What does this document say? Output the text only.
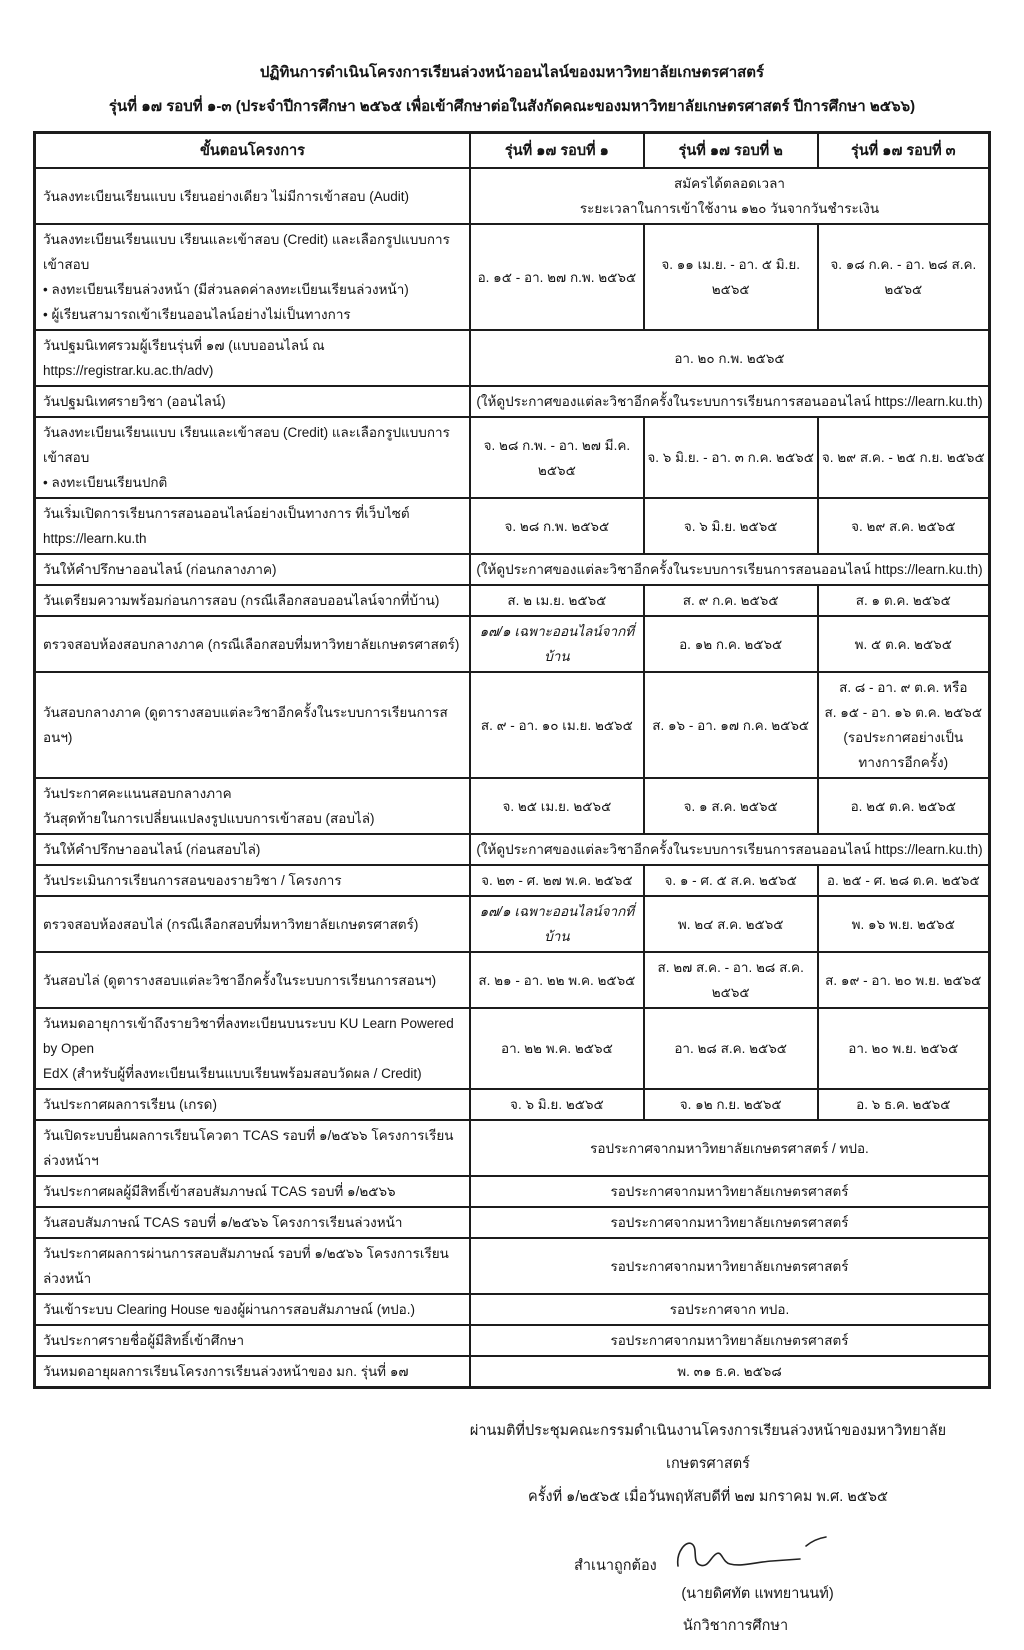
ปฏิทินการดำเนินโครงการเรียนล่วงหน้าออนไลน์ของมหาวิทยาลัยเกษตรศาสตร์
รุ่นที่ ๑๗ รอบที่ ๑-๓ (ประจำปีการศึกษา ๒๕๖๕ เพื่อเข้าศึกษาต่อในสังกัดคณะของมหาวิทยาลัยเกษตรศาสตร์ ปีการศึกษา ๒๕๖๖)
ขั้นตอนโครงการ	รุ่นที่ ๑๗ รอบที่ ๑	รุ่นที่ ๑๗ รอบที่ ๒	รุ่นที่ ๑๗ รอบที่ ๓

วันลงทะเบียนเรียนแบบ เรียนอย่างเดียว ไม่มีการเข้าสอบ (Audit)	สมัครได้ตลอดเวลา
ระยะเวลาในการเข้าใช้งาน ๑๒๐ วันจากวันชำระเงิน		

วันลงทะเบียนเรียนแบบ เรียนและเข้าสอบ (Credit) และเลือกรูปแบบการเข้าสอบ
• ลงทะเบียนเรียนล่วงหน้า (มีส่วนลดค่าลงทะเบียนเรียนล่วงหน้า)
• ผู้เรียนสามารถเข้าเรียนออนไลน์อย่างไม่เป็นทางการ	อ. ๑๕ - อา. ๒๗ ก.พ. ๒๕๖๕	จ. ๑๑ เม.ย. - อา. ๕ มิ.ย. ๒๕๖๕	จ. ๑๘ ก.ค. - อา. ๒๘ ส.ค. ๒๕๖๕

วันปฐมนิเทศรวมผู้เรียนรุ่นที่ ๑๗ (แบบออนไลน์ ณ https://registrar.ku.ac.th/adv)	อา. ๒๐ ก.พ. ๒๕๖๕		

วันปฐมนิเทศรายวิชา (ออนไลน์)	(ให้ดูประกาศของแต่ละวิชาอีกครั้งในระบบการเรียนการสอนออนไลน์ https://learn.ku.th)		

วันลงทะเบียนเรียนแบบ เรียนและเข้าสอบ (Credit) และเลือกรูปแบบการเข้าสอบ
• ลงทะเบียนเรียนปกติ	จ. ๒๘ ก.พ. - อา. ๒๗ มี.ค. ๒๕๖๕	จ. ๖ มิ.ย. - อา. ๓ ก.ค. ๒๕๖๕	จ. ๒๙ ส.ค. - ๒๕ ก.ย. ๒๕๖๕

วันเริ่มเปิดการเรียนการสอนออนไลน์อย่างเป็นทางการ ที่เว็บไซต์ https://learn.ku.th	จ. ๒๘ ก.พ. ๒๕๖๕	จ. ๖ มิ.ย. ๒๕๖๕	จ. ๒๙ ส.ค. ๒๕๖๕

วันให้คำปรึกษาออนไลน์ (ก่อนกลางภาค)	(ให้ดูประกาศของแต่ละวิชาอีกครั้งในระบบการเรียนการสอนออนไลน์ https://learn.ku.th)		

วันเตรียมความพร้อมก่อนการสอบ (กรณีเลือกสอบออนไลน์จากที่บ้าน)	ส. ๒ เม.ย. ๒๕๖๕	ส. ๙ ก.ค. ๒๕๖๕	ส. ๑ ต.ค. ๒๕๖๕

ตรวจสอบห้องสอบกลางภาค (กรณีเลือกสอบที่มหาวิทยาลัยเกษตรศาสตร์)	๑๗/๑ เฉพาะออนไลน์จากที่บ้าน	อ. ๑๒ ก.ค. ๒๕๖๕	พ. ๕ ต.ค. ๒๕๖๕

วันสอบกลางภาค (ดูตารางสอบแต่ละวิชาอีกครั้งในระบบการเรียนการสอนฯ)	ส. ๙ - อา. ๑๐ เม.ย. ๒๕๖๕	ส. ๑๖ - อา. ๑๗ ก.ค. ๒๕๖๕	ส. ๘ - อา. ๙ ต.ค. หรือ
ส. ๑๕ - อา. ๑๖ ต.ค. ๒๕๖๕
(รอประกาศอย่างเป็นทางการอีกครั้ง)

วันประกาศคะแนนสอบกลางภาค
วันสุดท้ายในการเปลี่ยนแปลงรูปแบบการเข้าสอบ (สอบไล่)	จ. ๒๕ เม.ย. ๒๕๖๕	จ. ๑ ส.ค. ๒๕๖๕	อ. ๒๕ ต.ค. ๒๕๖๕

วันให้คำปรึกษาออนไลน์ (ก่อนสอบไล่)	(ให้ดูประกาศของแต่ละวิชาอีกครั้งในระบบการเรียนการสอนออนไลน์ https://learn.ku.th)		

วันประเมินการเรียนการสอนของรายวิชา / โครงการ	จ. ๒๓ - ศ. ๒๗ พ.ค. ๒๕๖๕	จ. ๑ - ศ. ๕ ส.ค. ๒๕๖๕	อ. ๒๕ - ศ. ๒๘ ต.ค. ๒๕๖๕

ตรวจสอบห้องสอบไล่ (กรณีเลือกสอบที่มหาวิทยาลัยเกษตรศาสตร์)	๑๗/๑ เฉพาะออนไลน์จากที่บ้าน	พ. ๒๔ ส.ค. ๒๕๖๕	พ. ๑๖ พ.ย. ๒๕๖๕

วันสอบไล่ (ดูตารางสอบแต่ละวิชาอีกครั้งในระบบการเรียนการสอนฯ)	ส. ๒๑ - อา. ๒๒ พ.ค. ๒๕๖๕	ส. ๒๗ ส.ค. - อา. ๒๘ ส.ค. ๒๕๖๕	ส. ๑๙ - อา. ๒๐ พ.ย. ๒๕๖๕

วันหมดอายุการเข้าถึงรายวิชาที่ลงทะเบียนบนระบบ KU Learn Powered by Open
EdX (สำหรับผู้ที่ลงทะเบียนเรียนแบบเรียนพร้อมสอบวัดผล / Credit)	อา. ๒๒ พ.ค. ๒๕๖๕	อา. ๒๘ ส.ค. ๒๕๖๕	อา. ๒๐ พ.ย. ๒๕๖๕

วันประกาศผลการเรียน (เกรด)	จ. ๖ มิ.ย. ๒๕๖๕	จ. ๑๒ ก.ย. ๒๕๖๕	อ. ๖ ธ.ค. ๒๕๖๕

วันเปิดระบบยื่นผลการเรียนโควตา TCAS รอบที่ ๑/๒๕๖๖ โครงการเรียนล่วงหน้าฯ	รอประกาศจากมหาวิทยาลัยเกษตรศาสตร์ / ทปอ.		

วันประกาศผลผู้มีสิทธิ์เข้าสอบสัมภาษณ์ TCAS รอบที่ ๑/๒๕๖๖	รอประกาศจากมหาวิทยาลัยเกษตรศาสตร์		

วันสอบสัมภาษณ์ TCAS รอบที่ ๑/๒๕๖๖ โครงการเรียนล่วงหน้า	รอประกาศจากมหาวิทยาลัยเกษตรศาสตร์		

วันประกาศผลการผ่านการสอบสัมภาษณ์ รอบที่ ๑/๒๕๖๖ โครงการเรียนล่วงหน้า	รอประกาศจากมหาวิทยาลัยเกษตรศาสตร์		

วันเข้าระบบ Clearing House ของผู้ผ่านการสอบสัมภาษณ์ (ทปอ.)	รอประกาศจาก ทปอ.		

วันประกาศรายชื่อผู้มีสิทธิ์เข้าศึกษา	รอประกาศจากมหาวิทยาลัยเกษตรศาสตร์		

วันหมดอายุผลการเรียนโครงการเรียนล่วงหน้าของ มก. รุ่นที่ ๑๗	พ. ๓๑ ธ.ค. ๒๕๖๘		
ผ่านมติที่ประชุมคณะกรรมดำเนินงานโครงการเรียนล่วงหน้าของมหาวิทยาลัยเกษตรศาสตร์
ครั้งที่ ๑/๒๕๖๕ เมื่อวันพฤหัสบดีที่ ๒๗ มกราคม พ.ศ. ๒๕๖๕
สำเนาถูกต้อง
(นายดิศทัต แพทยานนท์)
นักวิชาการศึกษา
